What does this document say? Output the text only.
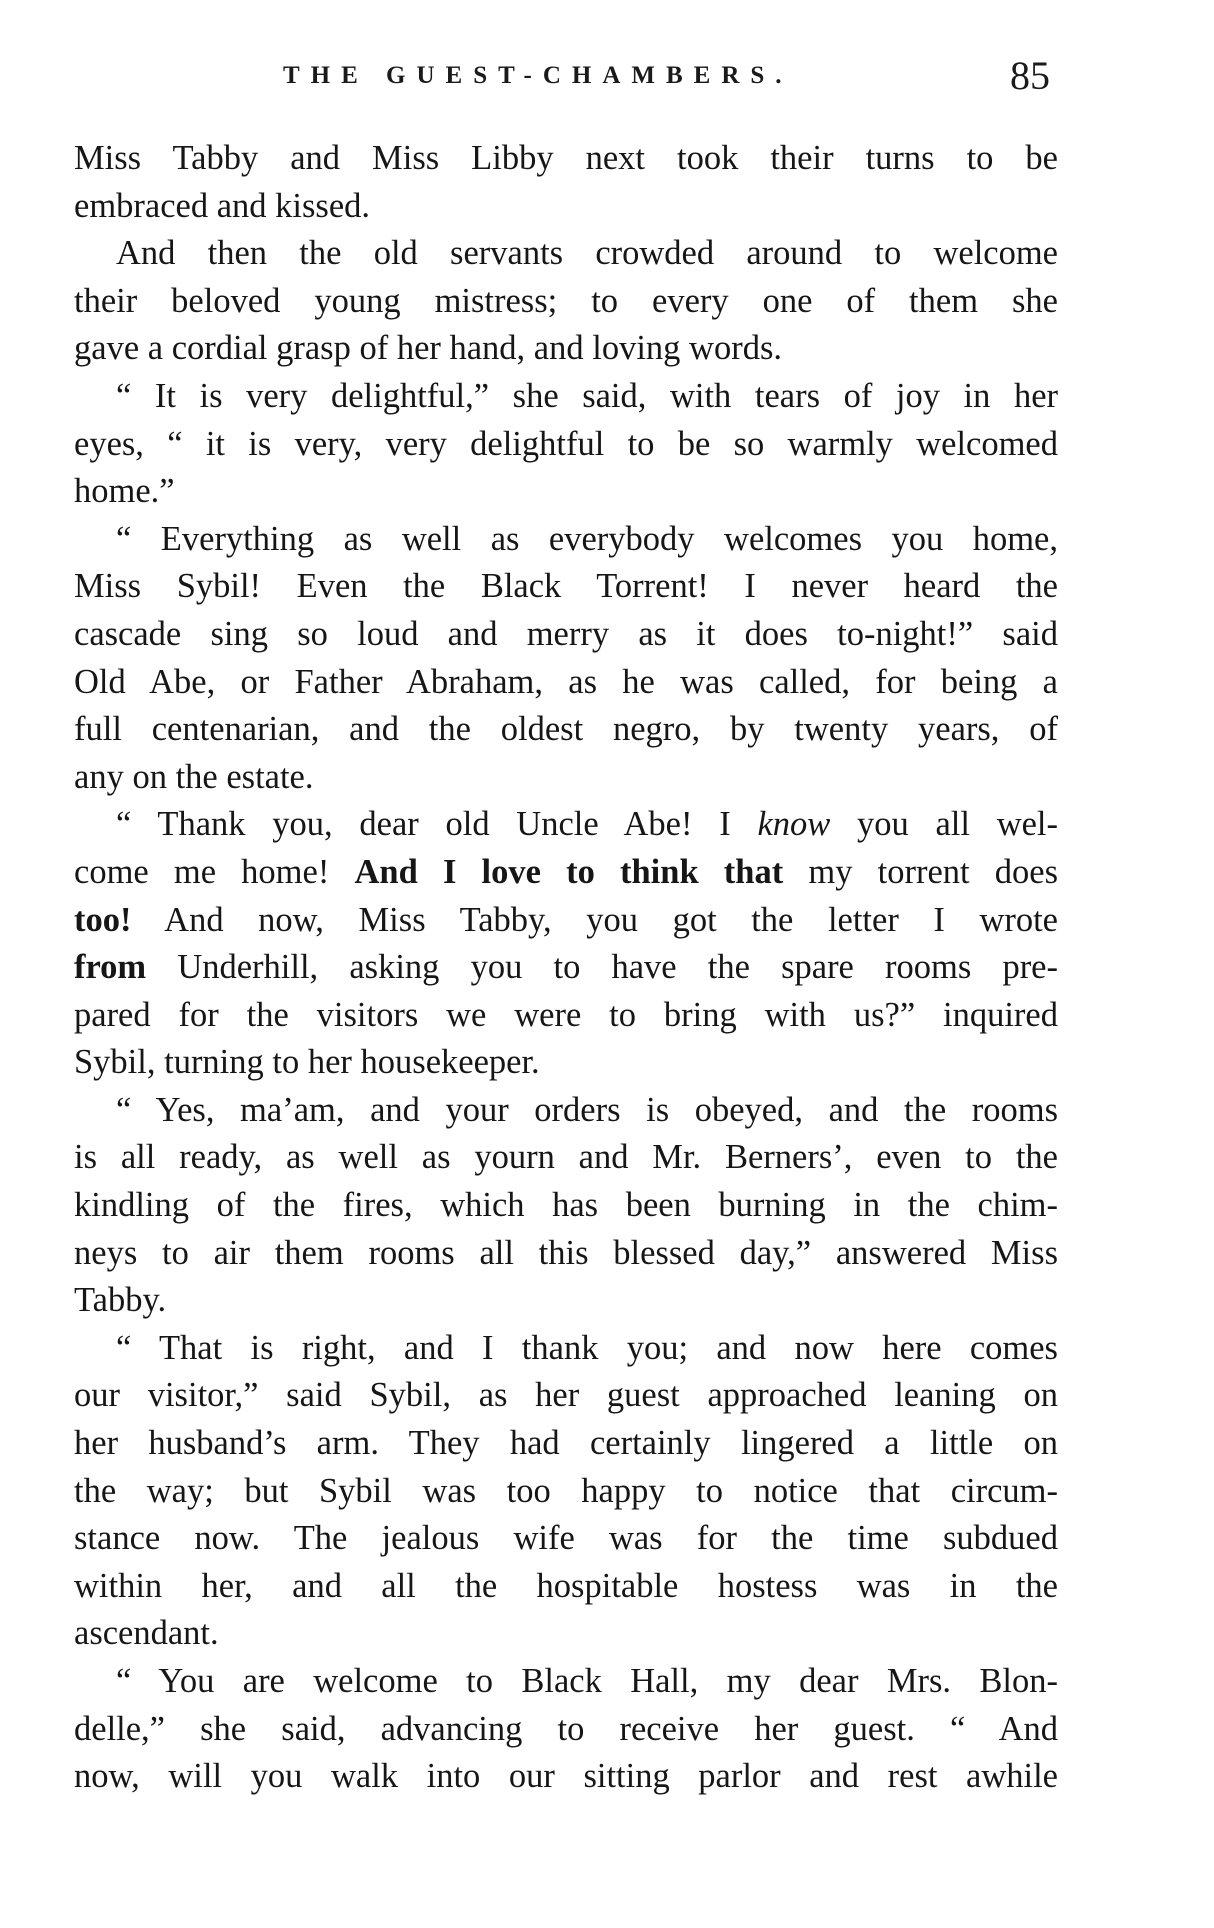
THE GUEST-CHAMBERS.	85
Miss Tabby and Miss Libby next took their turns to be
embraced and kissed.
And then the old servants crowded around to welcome
their beloved young mistress; to every one of them she
gave a cordial grasp of her hand, and loving words.
“ It is very delightful,” she said, with tears of joy in her
eyes, “ it is very, very delightful to be so warmly welcomed
home.”
“ Everything as well as everybody welcomes you home,
Miss Sybil! Even the Black Torrent! I never heard the
cascade sing so loud and merry as it does to-night!” said
Old Abe, or Father Abraham, as he was called, for being a
full centenarian, and the oldest negro, by twenty years, of
any on the estate.
“ Thank you, dear old Uncle Abe! I know you all wel-
come me home! And I love to think that my torrent does
too! And now, Miss Tabby, you got the letter I wrote
from Underhill, asking you to have the spare rooms pre-
pared for the visitors we were to bring with us?” inquired
Sybil, turning to her housekeeper.
“ Yes, ma’am, and your orders is obeyed, and the rooms
is all ready, as well as yourn and Mr. Berners’, even to the
kindling of the fires, which has been burning in the chim-
neys to air them rooms all this blessed day,” answered Miss
Tabby.
“ That is right, and I thank you; and now here comes
our visitor,” said Sybil, as her guest approached leaning on
her husband’s arm. They had certainly lingered a little on
the way; but Sybil was too happy to notice that circum-
stance now. The jealous wife was for the time subdued
within her, and all the hospitable hostess was in the
ascendant.
“ You are welcome to Black Hall, my dear Mrs. Blon-
delle,” she said, advancing to receive her guest. “ And
now, will you walk into our sitting parlor and rest awhile
